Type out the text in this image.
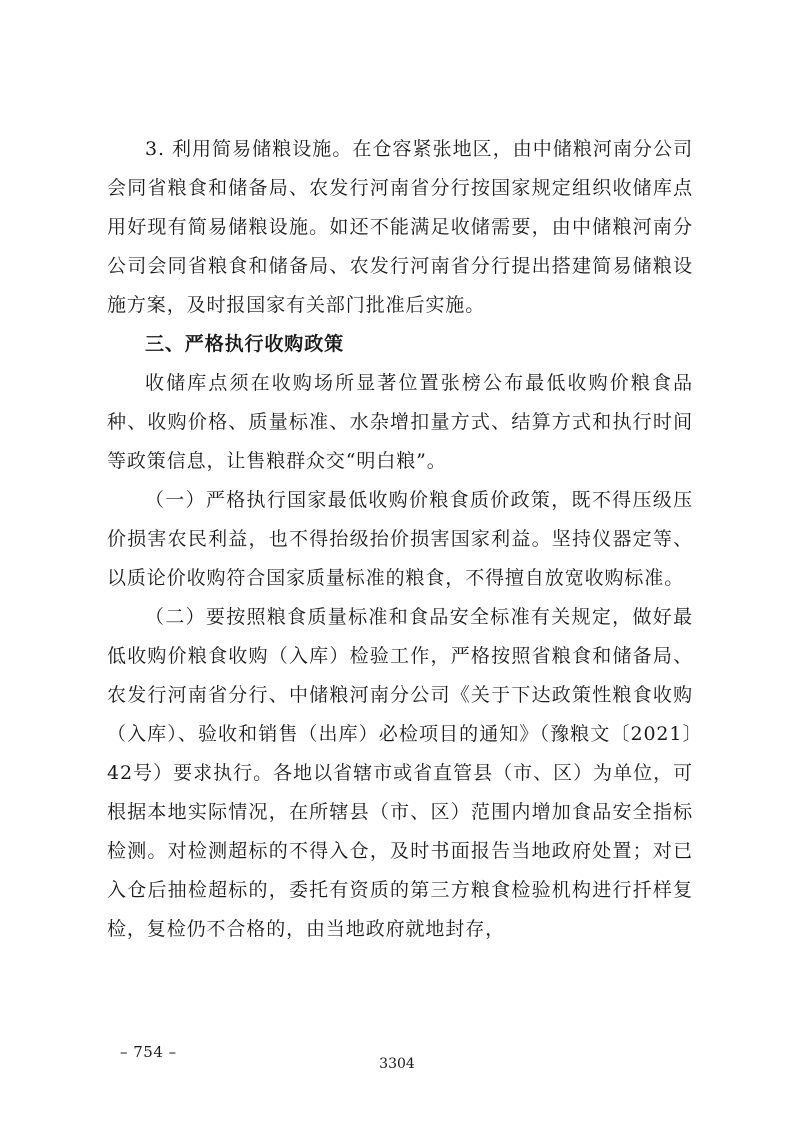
3. 利用简易储粮设施。在仓容紧张地区，由中储粮河南分公司会同省粮食和储备局、农发行河南省分行按国家规定组织收储库点用好现有简易储粮设施。如还不能满足收储需要，由中储粮河南分公司会同省粮食和储备局、农发行河南省分行提出搭建简易储粮设施方案，及时报国家有关部门批准后实施。

三、严格执行收购政策

收储库点须在收购场所显著位置张榜公布最低收购价粮食品种、收购价格、质量标准、水杂增扣量方式、结算方式和执行时间等政策信息，让售粮群众交“明白粮”。

（一）严格执行国家最低收购价粮食质价政策，既不得压级压价损害农民利益，也不得抬级抬价损害国家利益。坚持仪器定等、以质论价收购符合国家质量标准的粮食，不得擅自放宽收购标准。

（二）要按照粮食质量标准和食品安全标准有关规定，做好最低收购价粮食收购（入库）检验工作，严格按照省粮食和储备局、农发行河南省分行、中储粮河南分公司《关于下达政策性粮食收购（入库）、验收和销售（出库）必检项目的通知》（豫粮文〔2021〕42号）要求执行。各地以省辖市或省直管县（市、区）为单位，可根据本地实际情况，在所辖县（市、区）范围内增加食品安全指标检测。对检测超标的不得入仓，及时书面报告当地政府处置；对已入仓后抽检超标的，委托有资质的第三方粮食检验机构进行扦样复检，复检仍不合格的，由当地政府就地封存，

– 754 –
3304
